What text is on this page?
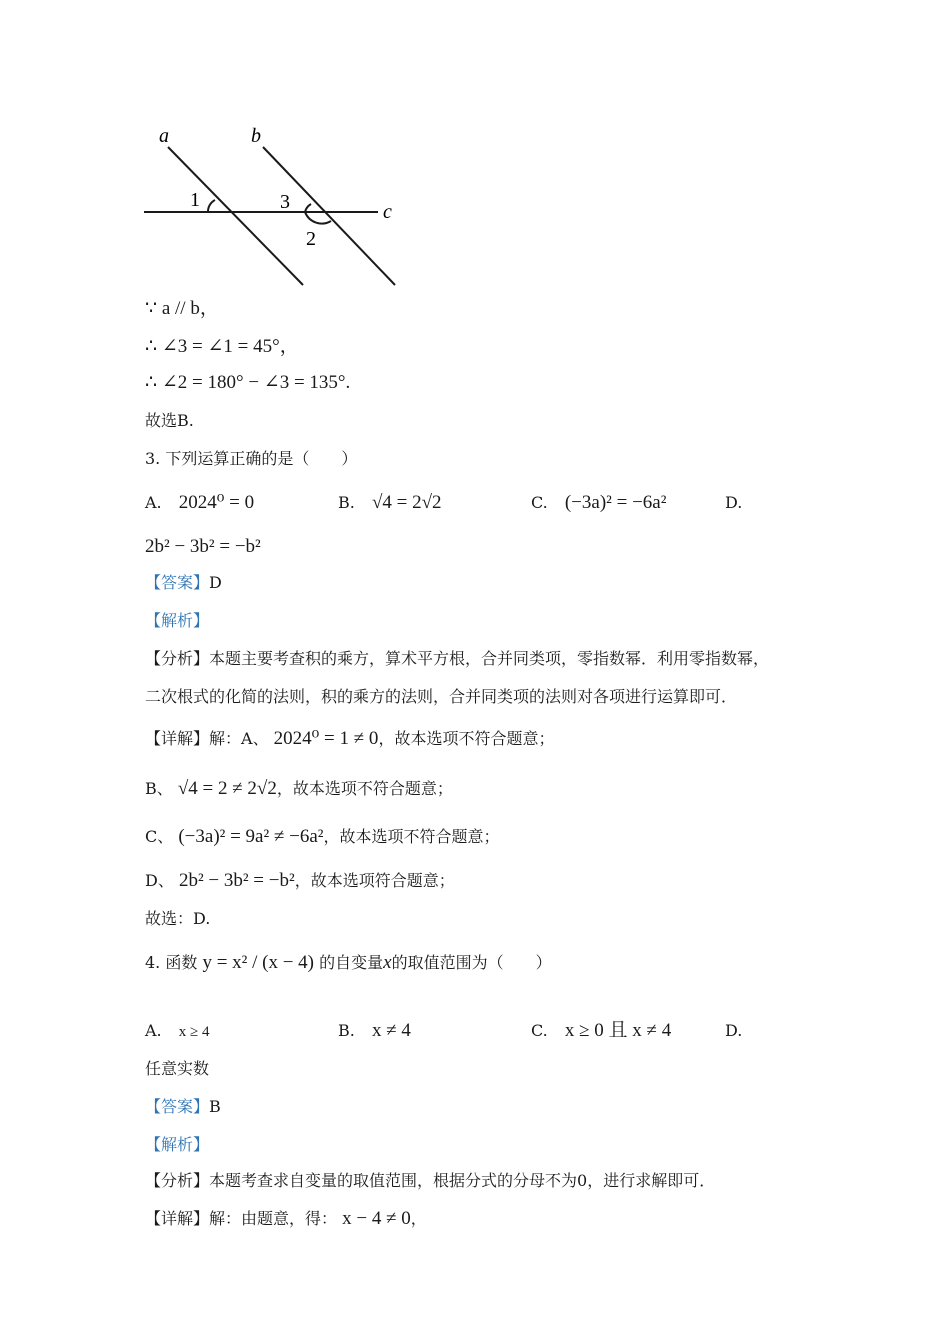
a	b
c
1	3
2
∵ a // b，
∴ ∠3 = ∠1 = 45°，
∴ ∠2 = 180° − ∠3 = 135°.
故选B.
3. 下列运算正确的是（　　）
A. 2024⁰ = 0	B. √4 = 2√2	C. (−3a)² = −6a²	D.
2b² − 3b² = −b²
【答案】D
【解析】
【分析】本题主要考查积的乘方，算术平方根，合并同类项，零指数幂．利用零指数幂，
二次根式的化简的法则，积的乘方的法则，合并同类项的法则对各项进行运算即可．
【详解】解：A、 2024⁰ = 1 ≠ 0，故本选项不符合题意；
B、 √4 = 2 ≠ 2√2，故本选项不符合题意；
C、 (−3a)² = 9a² ≠ −6a²，故本选项不符合题意；
D、 2b² − 3b² = −b²，故本选项符合题意；
故选：D.
4. 函数 y = x² / (x − 4) 的自变量x的取值范围为（　　）
A. x ≥ 4	B. x ≠ 4	C. x ≥ 0 且 x ≠ 4	D.
任意实数
【答案】B
【解析】
【分析】本题考查求自变量的取值范围，根据分式的分母不为0，进行求解即可．
【详解】解：由题意，得： x − 4 ≠ 0，
